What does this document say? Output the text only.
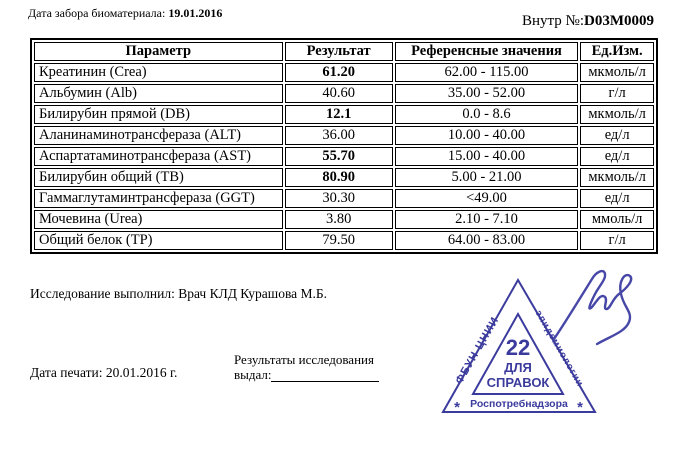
Дата забора биоматериала: 19.01.2016	Внутр №:D03M0009
Параметр	Результат	Референсные значения	Ед.Изм.
Креатинин (Crea)	61.20	62.00 - 115.00	мкмоль/л
Альбумин (Alb)	40.60	35.00 - 52.00	г/л
Билирубин прямой (DB)	12.1	0.0 - 8.6	мкмоль/л
Аланинаминотрансфераза (ALT)	36.00	10.00 - 40.00	ед/л
Аспартатаминотрансфераза (AST)	55.70	15.00 - 40.00	ед/л
Билирубин общий (TB)	80.90	5.00 - 21.00	мкмоль/л
Гаммаглутаминтрансфераза (GGT)	30.30	<49.00	ед/л
Мочевина (Urea)	3.80	2.10 - 7.10	ммоль/л
Общий белок (TP)	79.50	64.00 - 83.00	г/л
Исследование выполнил: Врач КЛД Курашова М.Б.
Дата печати: 20.01.2016 г.
Результаты исследования
выдал:
22
ДЛЯ
СПРАВОК
Роспотребнадзора
ФБУН ЦНИИ	эпидемиологии
*	*
